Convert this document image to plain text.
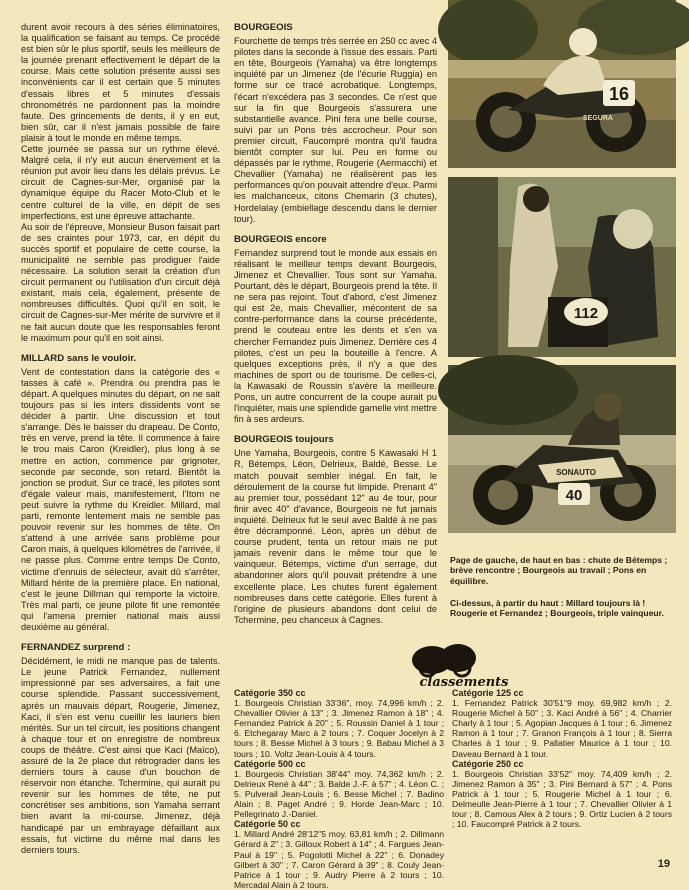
durent avoir recours à des séries éliminatoires, la qualification se faisant au temps. Ce procédé est bien sûr le plus sportif, seuls les meilleurs de la journée prenant effectivement le départ de la course. Mais cette solution présente aussi ses inconvénients car il est certain que 5 minutes d'essais libres et 5 minutes d'essais chronométrés ne pardonnent pas la moindre faute. Des grincements de dents, il y en eut, bien sûr, car il n'est jamais possible de faire plaisir à tout le monde en même temps.

Cette journée se passa sur un rythme élevé. Malgré cela, il n'y eut aucun énervement et la réunion put avoir lieu dans les délais prévus. Le circuit de Cagnes-sur-Mer, organisé par la dynamique équipe du Racer Moto-Club et le centre culturel de la ville, en dépit de ses imperfections, est une épreuve attachante.

Au soir de l'épreuve, Monsieur Buson faisait part de ses craintes pour 1973, car, en dépit du succès sportif et populaire de cette course, la municipalité ne semble pas prodiguer l'aide nécessaire. La solution serait la création d'un circuit permanent ou l'utilisation d'un circuit déjà existant, mais cela, également, présente de nombreuses difficultés. Quoi qu'il en soit, le circuit de Cagnes-sur-Mer mérite de survivre et il ne fait aucun doute que les responsables feront le maximum pour qu'il en soit ainsi.

MILLARD sans le vouloir.

Vent de contestation dans la catégorie des « tasses à café ». Prendra ou prendra pas le départ. A quelques minutes du départ, on ne sait toujours pas si les inters dissidents vont se décider à partir. Une discussion et tout s'arrange. Dès le baisser du drapeau. De Conto, très en verve, prend la tête. Il commence à faire le trou mais Caron (Kreidler), plus long à se mettre en action, commence par grignoter, seconde par seconde, son retard. Bientôt la jonction se produit. Sur ce tracé, les pilotes sont d'égale valeur mais, manifestement, l'Itom ne peut suivre la rythme du Kreidler. Millard, mal parti, remonte lentement mais ne semble pas pouvoir revenir sur les hommes de tête. On s'attend à une arrivée sans problème pour Caron mais, à quelques kilomètres de l'arrivée, il ne passe plus. Comme entre temps De Conto, victime d'ennuis de sélecteur, avait dû s'arrêter, Millard hérite de la première place. En national, c'est le jeune Dillman qui remporte la victoire. Très mal parti, ce jeune pilote fit une remontée qui l'amena premier national mais aussi deuxième au général.

FERNANDEZ surprend :

Décidément, le midi ne manque pas de talents. Le jeune Patrick Fernandez, nullement impressionné par ses adversaires, a fait une course splendide. Passant successivement, après un mauvais départ, Rougerie, Jimenez, Kaci, il s'en est venu cueillir les lauriers bien mérités. Sur un tel circuit, les positions changent à chaque tour et on enregistre de nombreux coups de théâtre. C'est ainsi que Kaci (Maïco), assuré de la 2e place dut rétrograder dans les derniers tours à cause d'un bouchon de réservoir non étanche. Tchermine, qui aurait pu revenir sur les hommes de tête, ne put concrétiser ses ambitions, son Yamaha serrant bien avant la mi-course. Jimenez, déjà handicapé par un embrayage défaillant aux essais, fut victime du même mal dans les derniers tours.

BOURGEOIS

Fourchette de temps très serrée en 250 cc avec 4 pilotes dans la seconde à l'issue des essais. Parti en tête, Bourgeois (Yamaha) va être longtemps inquiété par un Jimenez (de l'écurie Ruggia) en forme sur ce tracé acrobatique. Longtemps, l'écart n'excédera pas 3 secondes. Ce n'est que sur la fin que Bourgeois s'assurera une substantielle avance. Pini fera une belle course, suivi par un Pons très accrocheur. Pour son premier circuit, Faucompré montra qu'il faudra bientôt compter sur lui. Peu en forme ou dépassés par le rythme, Rougerie (Aermacchi) et Chevallier (Yamaha) ne réalisèrent pas les performances qu'on pouvait attendre d'eux. Parmi les malchanceux, citons Chemarin (3 chutes), Hordelalay (embiellage descendu dans le dernier tour).

BOURGEOIS encore

Fernandez surprend tout le monde aux essais en réalisant le meilleur temps devant Bourgeois, Jimenez et Chevallier. Tous sont sur Yamaha. Pourtant, dès le départ, Bourgeois prend la tête. Il ne sera pas rejoint. Tout d'abord, c'est Jimenez qui est 2e, mais Chevallier, mécontent de sa contre-performance dans la course précédente, prend le couteau entre les dents et s'en va chercher Fernandez puis Jimenez. Derrière ces 4 pilotes, c'est un peu la bouteille à l'encre. A quelques exceptions près, il n'y a que des machines de sport ou de tourisme. De celles-ci, la Kawasaki de Roussin s'avère la meilleure. Pons, un autre concurrent de la coupe aurait pu l'inquiéter, mais une splendide gamelle vint mettre fin à ses ardeurs.

BOURGEOIS toujours

Une Yamaha, Bourgeois, contre 5 Kawasaki H 1 R, Bétemps, Léon, Delrieux, Baldé, Besse. Le match pouvait sembler inégal. En fait, le déroulement de la course fut limpide. Prenant 4" au premier tour, possédant 12" au 4e tour, pour finir avec 40" d'avance, Bourgeois ne fut jamais inquiété. Delrieux fut le seul avec Baldé à ne pas être décramponné. Léon, après un début de course prudent, tenta un retour mais ne put jamais revenir dans le même tour que le vainqueur. Bétemps, victime d'un serrage, dut abandonner alors qu'il pouvait prétendre à une excellente place. Les chutes furent également nombreuses dans cette catégorie. Elles furent à l'origine de plusieurs abandons dont celui de Tchermine, peu chanceux à Cagnes.

16
SEGURA
112
SONAUTO
40
Page de gauche, de haut en bas : chute de Bétemps ; brève rencontre ; Bourgeois au travail ; Pons en équilibre.
Ci-dessus, à partir du haut : Millard toujours là ! Rougerie et Fernandez ; Bourgeois, triple vainqueur.
classements
Catégorie 350 cc

1. Bourgeois Christian 33'36", moy. 74,996 km/h ; 2. Chevallier Olivier à 13" ; 3. Jimenez Ramon à 18" ; 4. Fernandez Patrick à 20" ; 5. Roussin Daniel à 1 tour ; 6. Etchegaray Marc à 2 tours ; 7. Coquer Jocelyn à 2 tours ; 8. Besse Michel à 3 tours ; 9. Babau Michel à 3 tours ; 10. Voltz Jean-Louis à 4 tours.

Catégorie 500 cc

1. Bourgeois Christian 38'44" moy. 74,362 km/h ; 2. Delrieux René à 44" ; 3. Balde J.-F. à 57" ; 4. Léon C. ; 5. Pulverail Jean-Louis ; 6. Besse Michel ; 7. Badino Alain ; 8. Paget André ; 9. Horde Jean-Marc ; 10. Pellegrinato J.-Daniel.

Catégorie 50 cc

1. Millard André 28'12"5 moy. 63,81 km/h ; 2. Dillmann Gérard à 2" ; 3. Gilloux Robert à 14" ; 4. Fargues Jean-Paul à 19" ; 5. Pogolotti Michel à 22" ; 6. Donadey Gilbert à 30" ; 7. Caron Gérard à 39" ; 8. Couly Jean-Patrice à 1 tour ; 9. Audry Pierre à 2 tours ; 10. Mercadal Alain à 2 tours.

Catégorie 125 cc

1. Fernandez Patrick 30'51"9 moy. 69,982 km/h ; 2. Rougerie Michel à 50" ; 3. Kaci André à 56" ; 4. Charrier Charly à 1 tour ; 5. Agopian Jacques à 1 tour ; 6. Jimenez Ramon à 1 tour ; 7. Granon François à 1 tour ; 8. Sierra Charles à 1 tour ; 9. Pallatier Maurice à 1 tour ; 10. Daveau Bernard à 1 tour.

Catégorie 250 cc

1. Bourgeois Christian 33'52" moy. 74,409 km/h ; 2. Jimenez Ramon à 35" ; 3. Pini Bernard à 57" ; 4. Pons Patrick à 1 tour ; 5. Rougerie Michel à 1 tour ; 6. Delmeulle Jean-Pierre à 1 tour ; 7. Chevallier Olivier à 1 tour ; 8. Camous Alex à 2 tours ; 9. Ortiz Lucien à 2 tours ; 10. Faucompré Patrick à 2 tours.

19
